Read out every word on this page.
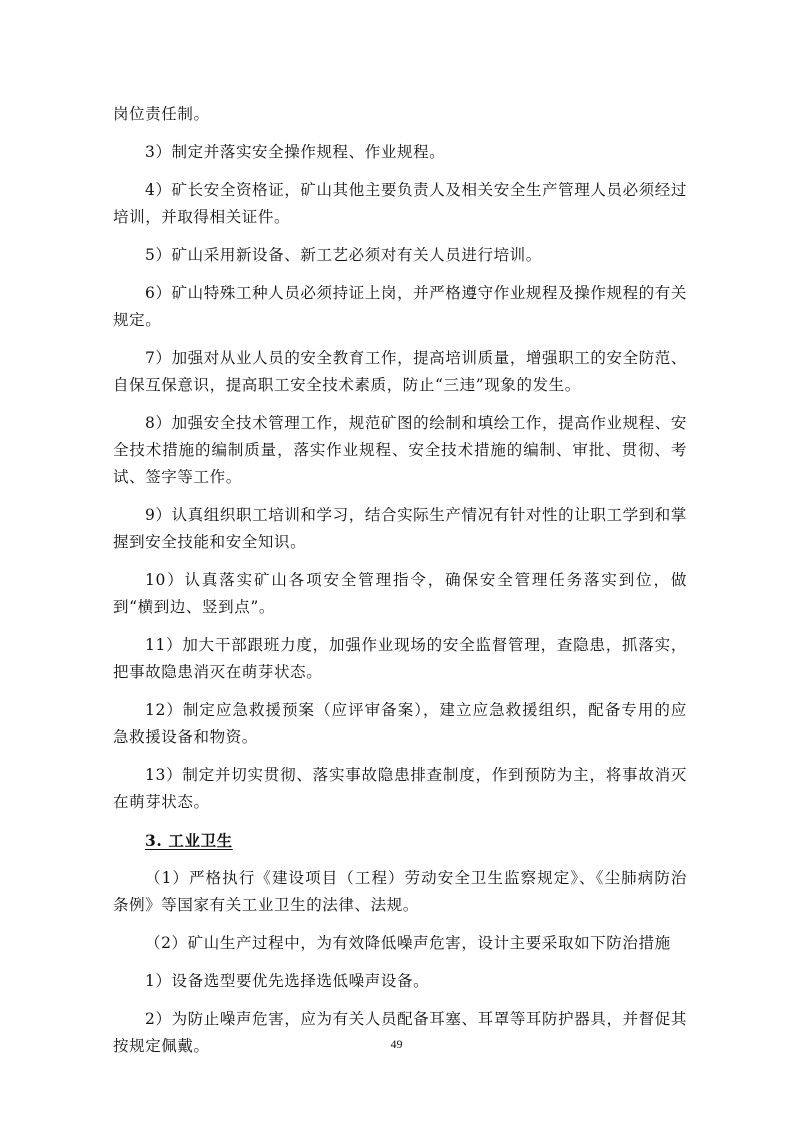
岗位责任制。

3）制定并落实安全操作规程、作业规程。

4）矿长安全资格证，矿山其他主要负责人及相关安全生产管理人员必须经过培训，并取得相关证件。

5）矿山采用新设备、新工艺必须对有关人员进行培训。

6）矿山特殊工种人员必须持证上岗，并严格遵守作业规程及操作规程的有关规定。

7）加强对从业人员的安全教育工作，提高培训质量，增强职工的安全防范、自保互保意识，提高职工安全技术素质，防止“三违”现象的发生。

8）加强安全技术管理工作，规范矿图的绘制和填绘工作，提高作业规程、安全技术措施的编制质量，落实作业规程、安全技术措施的编制、审批、贯彻、考试、签字等工作。

9）认真组织职工培训和学习，结合实际生产情况有针对性的让职工学到和掌握到安全技能和安全知识。

10）认真落实矿山各项安全管理指令，确保安全管理任务落实到位，做到“横到边、竖到点”。

11）加大干部跟班力度，加强作业现场的安全监督管理，查隐患，抓落实，把事故隐患消灭在萌芽状态。

12）制定应急救援预案（应评审备案），建立应急救援组织，配备专用的应急救援设备和物资。

13）制定并切实贯彻、落实事故隐患排查制度，作到预防为主，将事故消灭在萌芽状态。

3. 工业卫生

（1）严格执行《建设项目（工程）劳动安全卫生监察规定》、《尘肺病防治条例》等国家有关工业卫生的法律、法规。

（2）矿山生产过程中，为有效降低噪声危害，设计主要采取如下防治措施

1）设备选型要优先选择选低噪声设备。

2）为防止噪声危害，应为有关人员配备耳塞、耳罩等耳防护器具，并督促其按规定佩戴。	49
